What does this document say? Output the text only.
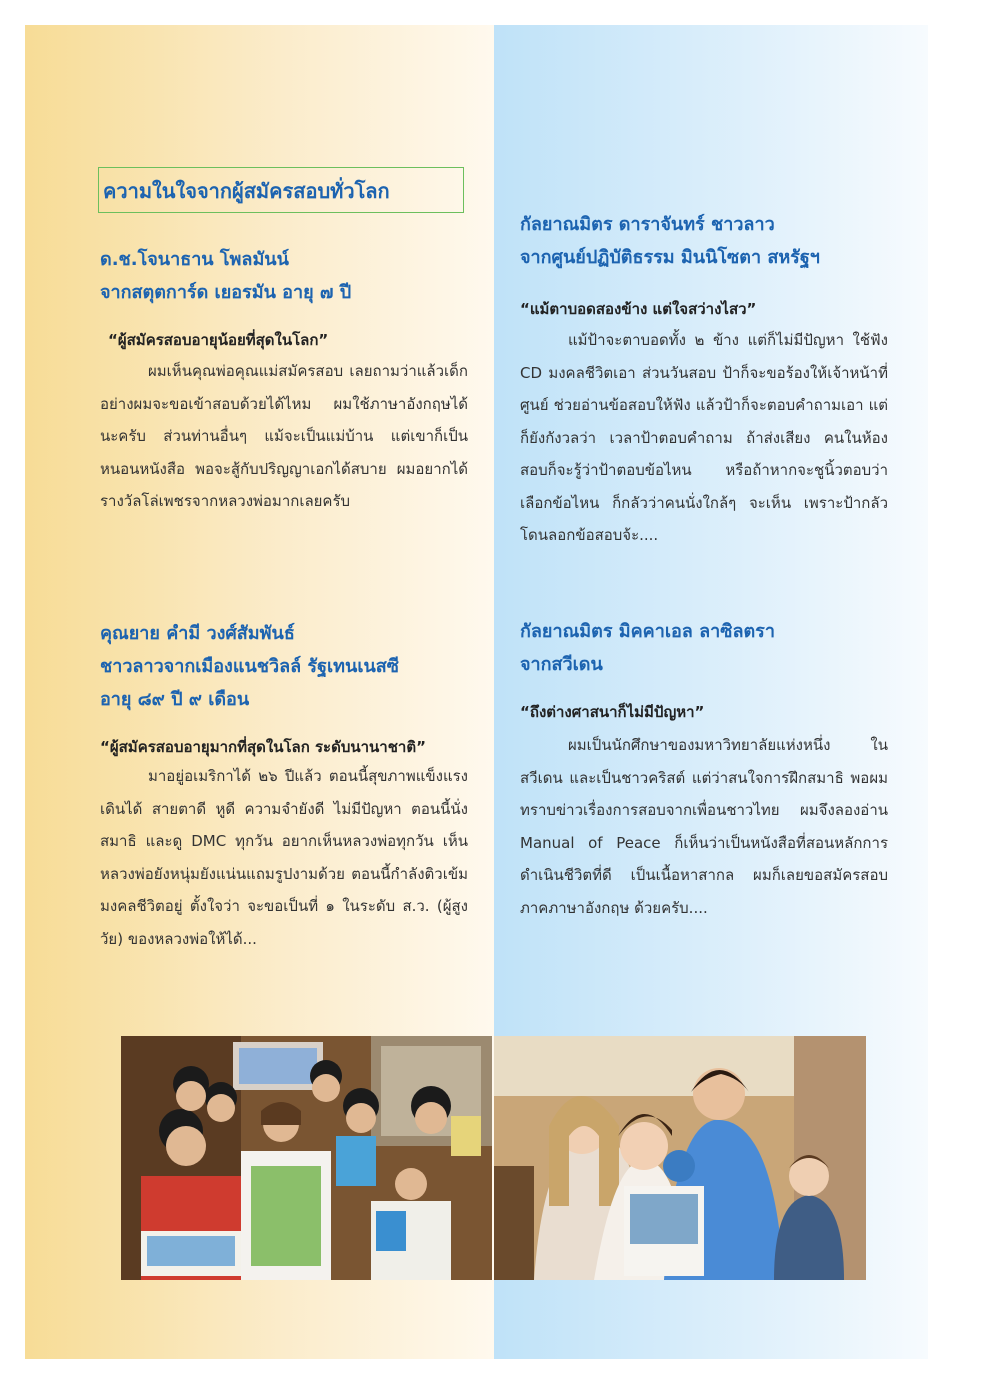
ความในใจจากผู้สมัครสอบทั่วโลก
ด.ช.โจนาธาน โพลมันน์
จากสตุตการ์ด เยอรมัน อายุ ๗ ปี
“ผู้สมัครสอบอายุน้อยที่สุดในโลก”
ผมเห็นคุณพ่อคุณแม่สมัครสอบ เลยถามว่าแล้วเด็กอย่างผมจะขอเข้าสอบด้วยได้ไหม ผมใช้ภาษาอังกฤษได้นะครับ ส่วนท่านอื่นๆ แม้จะเป็นแม่บ้าน แต่เขาก็เป็นหนอนหนังสือ พอจะสู้กับปริญญาเอกได้สบาย ผมอยากได้รางวัลโล่เพชรจากหลวงพ่อมากเลยครับ
คุณยาย คำมี วงศ์สัมพันธ์
ชาวลาวจากเมืองแนชวิลล์ รัฐเทนเนสซี
อายุ ๘๙ ปี ๙ เดือน
“ผู้สมัครสอบอายุมากที่สุดในโลก ระดับนานาชาติ”
มาอยู่อเมริกาได้ ๒๖ ปีแล้ว ตอนนี้สุขภาพแข็งแรง เดินได้ สายตาดี หูดี ความจำยังดี ไม่มีปัญหา ตอนนี้นั่งสมาธิ และดู DMC ทุกวัน อยากเห็นหลวงพ่อทุกวัน เห็นหลวงพ่อยังหนุ่มยังแน่นแถมรูปงามด้วย ตอนนี้กำลังติวเข้มมงคลชีวิตอยู่ ตั้งใจว่า จะขอเป็นที่ ๑ ในระดับ ส.ว. (ผู้สูงวัย) ของหลวงพ่อให้ได้...
กัลยาณมิตร ดาราจันทร์ ชาวลาว
จากศูนย์ปฏิบัติธรรม มินนิโซตา สหรัฐฯ
“แม้ตาบอดสองข้าง แต่ใจสว่างไสว”
แม้ป้าจะตาบอดทั้ง ๒ ข้าง แต่ก็ไม่มีปัญหา ใช้ฟัง CD มงคลชีวิตเอา ส่วนวันสอบ ป้าก็จะขอร้องให้เจ้าหน้าที่ศูนย์ ช่วยอ่านข้อสอบให้ฟัง แล้วป้าก็จะตอบคำถามเอา แต่ก็ยังกังวลว่า เวลาป้าตอบคำถาม ถ้าส่งเสียง คนในห้องสอบก็จะรู้ว่าป้าตอบข้อไหน หรือถ้าหากจะชูนิ้วตอบว่าเลือกข้อไหน ก็กลัวว่าคนนั่งใกล้ๆ จะเห็น เพราะป้ากลัวโดนลอกข้อสอบจ้ะ....
กัลยาณมิตร มิคคาเอล ลาซิลตรา
จากสวีเดน
“ถึงต่างศาสนาก็ไม่มีปัญหา”
ผมเป็นนักศึกษาของมหาวิทยาลัยแห่งหนึ่ง ในสวีเดน และเป็นชาวคริสต์ แต่ว่าสนใจการฝึกสมาธิ พอผมทราบข่าวเรื่องการสอบจากเพื่อนชาวไทย ผมจึงลองอ่าน Manual of Peace ก็เห็นว่าเป็นหนังสือที่สอนหลักการดำเนินชีวิตที่ดี เป็นเนื้อหาสากล ผมก็เลยขอสมัครสอบภาคภาษาอังกฤษ ด้วยครับ....
